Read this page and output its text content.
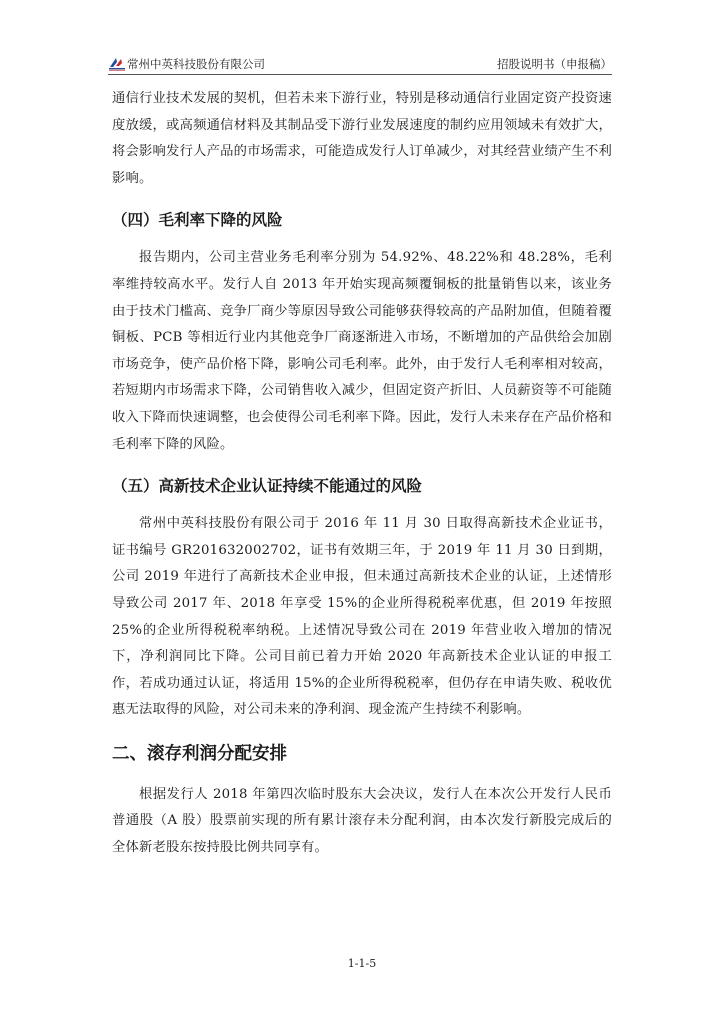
常州中英科技股份有限公司	招股说明书（申报稿）

通信行业技术发展的契机，但若未来下游行业，特别是移动通信行业固定资产投资速度放缓，或高频通信材料及其制品受下游行业发展速度的制约应用领域未有效扩大，将会影响发行人产品的市场需求，可能造成发行人订单减少，对其经营业绩产生不利影响。

（四）毛利率下降的风险

报告期内，公司主营业务毛利率分别为 54.92%、48.22%和 48.28%，毛利率维持较高水平。发行人自 2013 年开始实现高频覆铜板的批量销售以来，该业务由于技术门槛高、竞争厂商少等原因导致公司能够获得较高的产品附加值，但随着覆铜板、PCB 等相近行业内其他竞争厂商逐渐进入市场，不断增加的产品供给会加剧市场竞争，使产品价格下降，影响公司毛利率。此外，由于发行人毛利率相对较高，若短期内市场需求下降，公司销售收入减少，但固定资产折旧、人员薪资等不可能随收入下降而快速调整，也会使得公司毛利率下降。因此，发行人未来存在产品价格和毛利率下降的风险。

（五）高新技术企业认证持续不能通过的风险

常州中英科技股份有限公司于 2016 年 11 月 30 日取得高新技术企业证书，证书编号 GR201632002702，证书有效期三年，于 2019 年 11 月 30 日到期，公司 2019 年进行了高新技术企业申报，但未通过高新技术企业的认证，上述情形导致公司 2017 年、2018 年享受 15%的企业所得税税率优惠，但 2019 年按照 25%的企业所得税税率纳税。上述情况导致公司在 2019 年营业收入增加的情况下，净利润同比下降。公司目前已着力开始 2020 年高新技术企业认证的申报工作，若成功通过认证，将适用 15%的企业所得税税率，但仍存在申请失败、税收优惠无法取得的风险，对公司未来的净利润、现金流产生持续不利影响。

二、滚存利润分配安排

根据发行人 2018 年第四次临时股东大会决议，发行人在本次公开发行人民币普通股（A 股）股票前实现的所有累计滚存未分配利润，由本次发行新股完成后的全体新老股东按持股比例共同享有。

1-1-5
